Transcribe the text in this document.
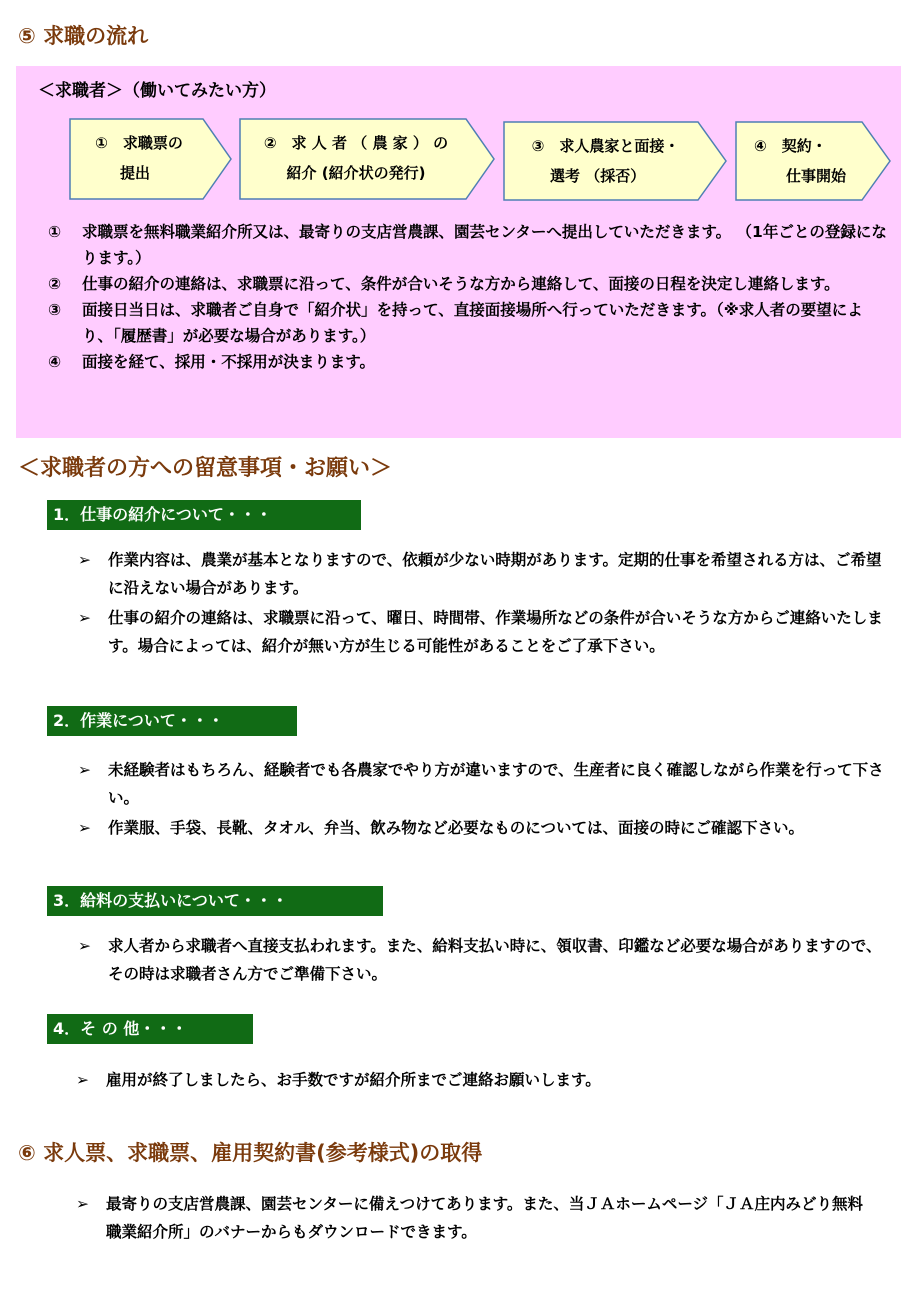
⑤ 求職の流れ
＜求職者＞（働いてみたい方）
①　求職票の
提出
②　求 人 者 （ 農 家 ） の
紹介 (紹介状の発行)
③　求人農家と面接・
選考 （採否）
④　契約・
仕事開始
①	求職票を無料職業紹介所又は、最寄りの支店営農課、園芸センターへ提出していただきます。 （1年ごとの登録になります。）
②	仕事の紹介の連絡は、求職票に沿って、条件が合いそうな方から連絡して、面接の日程を決定し連絡します。
③	面接日当日は、求職者ご自身で「紹介状」を持って、直接面接場所へ行っていただきます。（※求人者の要望により、「履歴書」が必要な場合があります。）
④	面接を経て、採用・不採用が決まります。
＜求職者の方への留意事項・お願い＞
1．仕事の紹介について・・・
➢	作業内容は、農業が基本となりますので、依頼が少ない時期があります。定期的仕事を希望される方は、ご希望に沿えない場合があります。
➢	仕事の紹介の連絡は、求職票に沿って、曜日、時間帯、作業場所などの条件が合いそうな方からご連絡いたします。場合によっては、紹介が無い方が生じる可能性があることをご了承下さい。
2．作業について・・・
➢	未経験者はもちろん、経験者でも各農家でやり方が違いますので、生産者に良く確認しながら作業を行って下さい。
➢	作業服、手袋、長靴、タオル、弁当、飲み物など必要なものについては、面接の時にご確認下さい。
3．給料の支払いについて・・・
➢	求人者から求職者へ直接支払われます。また、給料支払い時に、領収書、印鑑など必要な場合がありますので、その時は求職者さん方でご準備下さい。
4．そ の 他・・・
➢	雇用が終了しましたら、お手数ですが紹介所までご連絡お願いします。
⑥ 求人票、求職票、雇用契約書(参考様式)の取得
➢	最寄りの支店営農課、園芸センターに備えつけてあります。また、当ＪＡホームページ「ＪＡ庄内みどり無料職業紹介所」のバナーからもダウンロードできます。
